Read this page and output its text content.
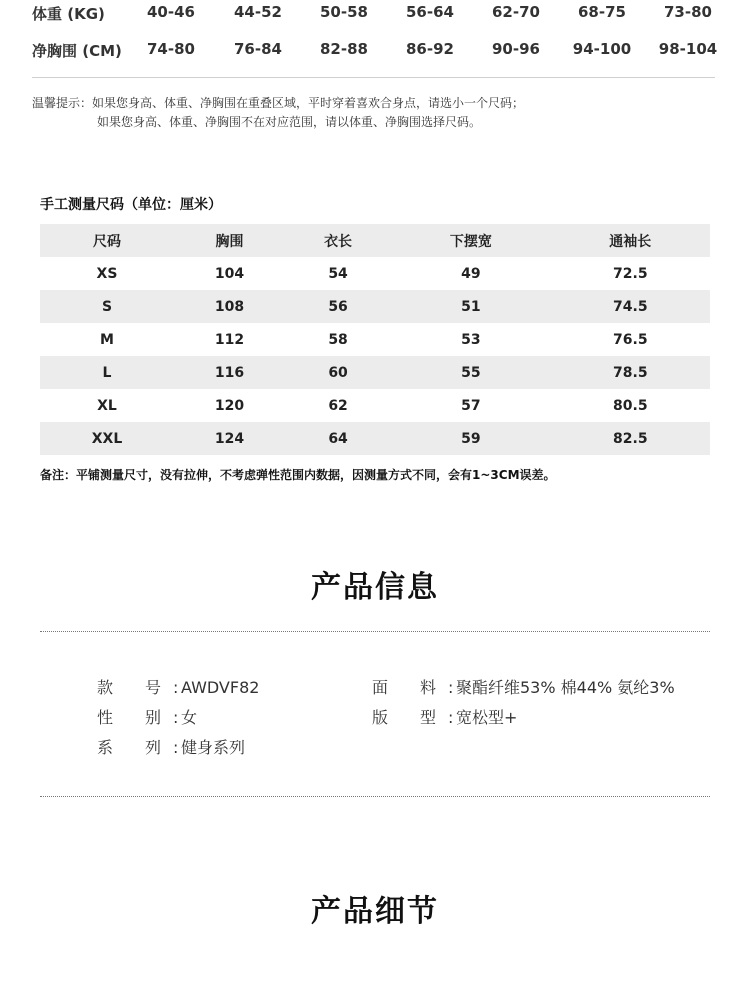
体重 (KG)	40-46	44-52	50-58	56-64	62-70	68-75	73-80
净胸围 (CM)	74-80	76-84	82-88	86-92	90-96	94-100 98-104
温馨提示：如果您身高、体重、净胸围在重叠区域，平时穿着喜欢合身点，请选小一个尺码；
如果您身高、体重、净胸围不在对应范围，请以体重、净胸围选择尺码。
手工测量尺码（单位：厘米）
尺码	胸围	衣长	下摆宽	通袖长
XS	104	54	49	72.5
S	108	56	51	74.5
M	112	58	53	76.5
L	116	60	55	78.5
XL	120	62	57	80.5
XXL	124	64	59	82.5
备注：平铺测量尺寸，没有拉伸，不考虑弹性范围内数据，因测量方式不同，会有1~3CM误差。
产品信息
款 号 : AWDVF82	面 料 : 聚酯纤维53% 棉44% 氨纶3%
性 别 : 女	版 型 : 宽松型+
系 列 : 健身系列
产品细节
